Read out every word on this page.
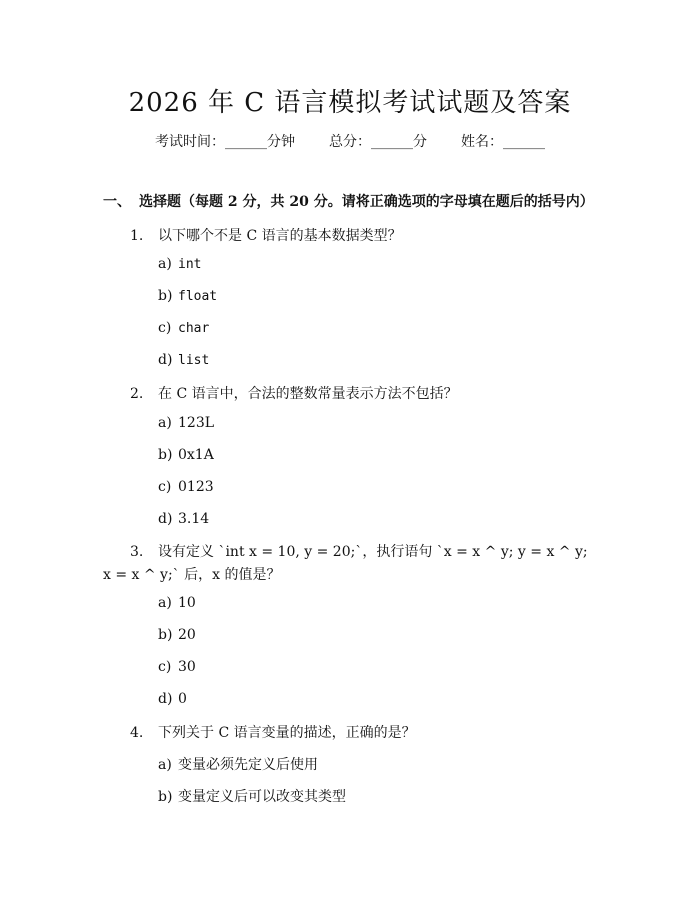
2026 年 C 语言模拟考试试题及答案
考试时间：______分钟 总分：______分 姓名：______
一、 选择题（每题 2 分，共 20 分。请将正确选项的字母填在题后的括号内）
1. 以下哪个不是 C 语言的基本数据类型？
a) int
b) float
c) char
d) list
2. 在 C 语言中，合法的整数常量表示方法不包括？
a) 123L
b) 0x1A
c) 0123
d) 3.14
3. 设有定义 `int x = 10, y = 20;`，执行语句 `x = x ^ y; y = x ^ y;
x = x ^ y;` 后，x 的值是？
a) 10
b) 20
c) 30
d) 0
4. 下列关于 C 语言变量的描述，正确的是？
a) 变量必须先定义后使用
b) 变量定义后可以改变其类型
